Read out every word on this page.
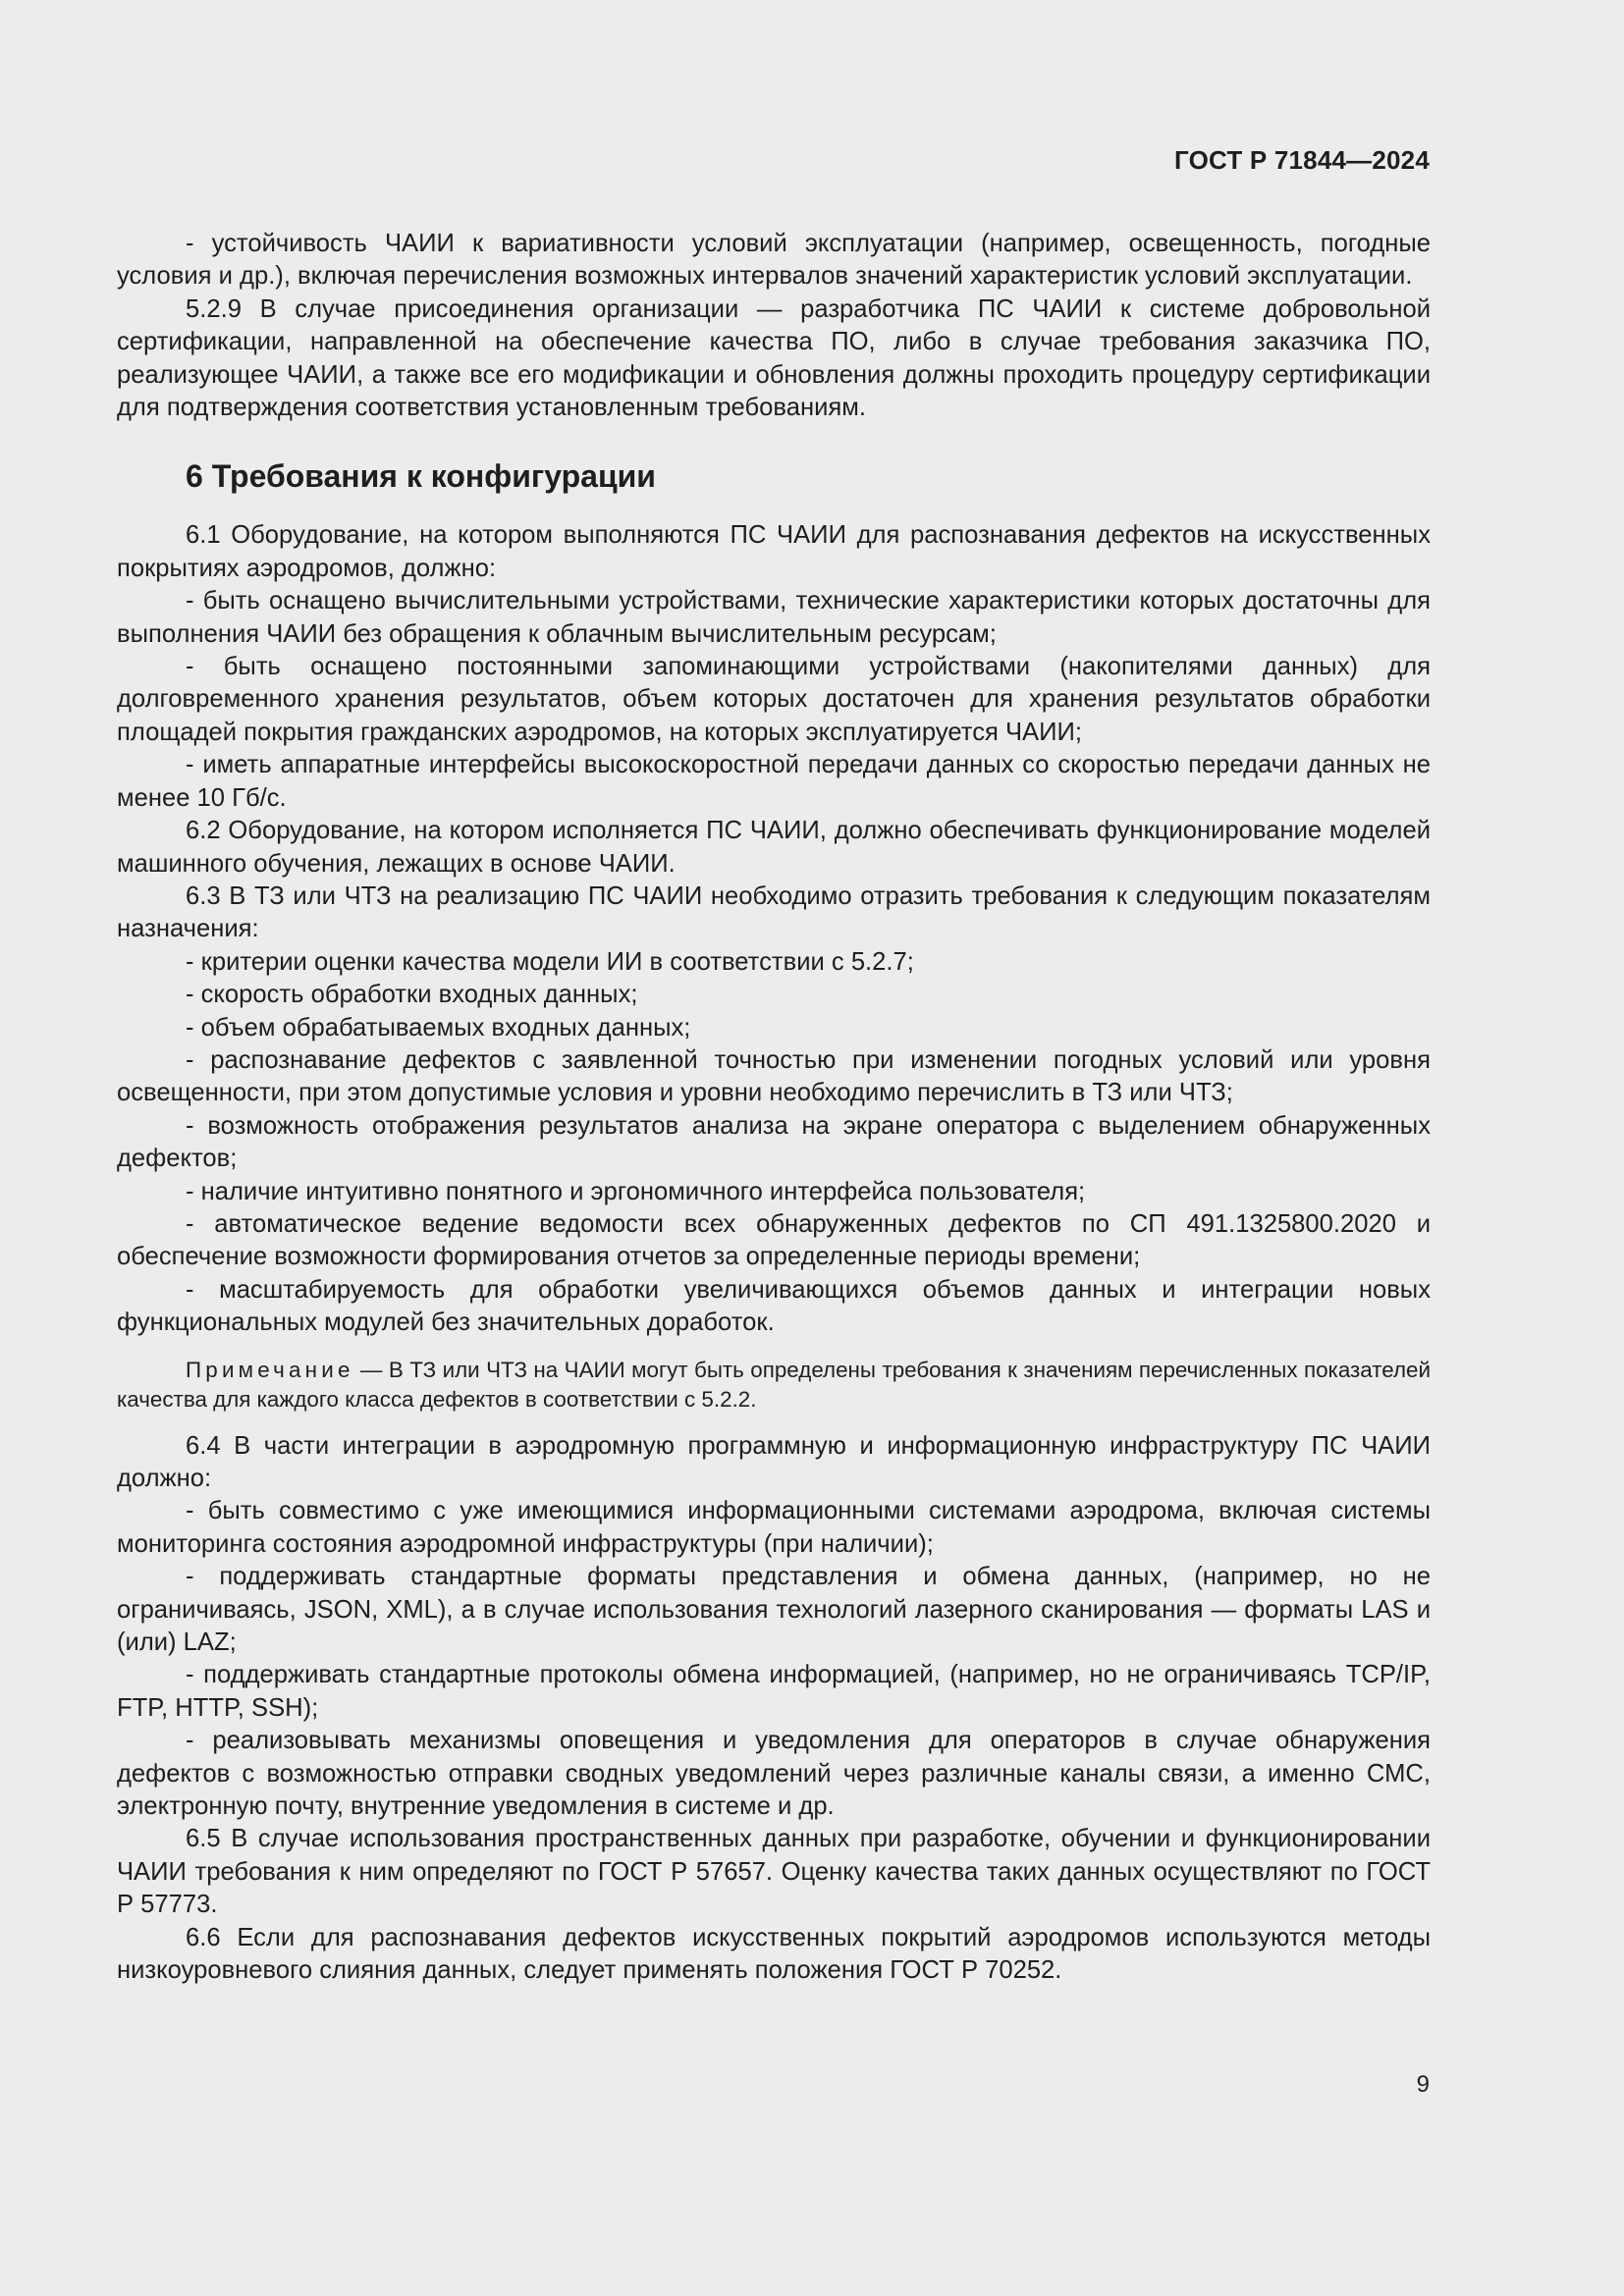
ГОСТ Р 71844—2024

- устойчивость ЧАИИ к вариативности условий эксплуатации (например, освещенность, погодные условия и др.), включая перечисления возможных интервалов значений характеристик условий эксплуатации.

5.2.9 В случае присоединения организации — разработчика ПС ЧАИИ к системе добровольной сертификации, направленной на обеспечение качества ПО, либо в случае требования заказчика ПО, реализующее ЧАИИ, а также все его модификации и обновления должны проходить процедуру сертификации для подтверждения соответствия установленным требованиям.

6 Требования к конфигурации

6.1 Оборудование, на котором выполняются ПС ЧАИИ для распознавания дефектов на искусственных покрытиях аэродромов, должно:

- быть оснащено вычислительными устройствами, технические характеристики которых достаточны для выполнения ЧАИИ без обращения к облачным вычислительным ресурсам;

- быть оснащено постоянными запоминающими устройствами (накопителями данных) для долговременного хранения результатов, объем которых достаточен для хранения результатов обработки площадей покрытия гражданских аэродромов, на которых эксплуатируется ЧАИИ;

- иметь аппаратные интерфейсы высокоскоростной передачи данных со скоростью передачи данных не менее 10 Гб/с.

6.2 Оборудование, на котором исполняется ПС ЧАИИ, должно обеспечивать функционирование моделей машинного обучения, лежащих в основе ЧАИИ.

6.3 В ТЗ или ЧТЗ на реализацию ПС ЧАИИ необходимо отразить требования к следующим показателям назначения:

- критерии оценки качества модели ИИ в соответствии с 5.2.7;

- скорость обработки входных данных;

- объем обрабатываемых входных данных;

- распознавание дефектов с заявленной точностью при изменении погодных условий или уровня освещенности, при этом допустимые условия и уровни необходимо перечислить в ТЗ или ЧТЗ;

- возможность отображения результатов анализа на экране оператора с выделением обнаруженных дефектов;

- наличие интуитивно понятного и эргономичного интерфейса пользователя;

- автоматическое ведение ведомости всех обнаруженных дефектов по СП 491.1325800.2020 и обеспечение возможности формирования отчетов за определенные периоды времени;

- масштабируемость для обработки увеличивающихся объемов данных и интеграции новых функциональных модулей без значительных доработок.

Примечание — В ТЗ или ЧТЗ на ЧАИИ могут быть определены требования к значениям перечисленных показателей качества для каждого класса дефектов в соответствии с 5.2.2.

6.4 В части интеграции в аэродромную программную и информационную инфраструктуру ПС ЧАИИ должно:

- быть совместимо с уже имеющимися информационными системами аэродрома, включая системы мониторинга состояния аэродромной инфраструктуры (при наличии);

- поддерживать стандартные форматы представления и обмена данных, (например, но не ограничиваясь, JSON, XML), а в случае использования технологий лазерного сканирования — форматы LAS и (или) LAZ;

- поддерживать стандартные протоколы обмена информацией, (например, но не ограничиваясь TCP/IP, FTP, HTTP, SSH);

- реализовывать механизмы оповещения и уведомления для операторов в случае обнаружения дефектов с возможностью отправки сводных уведомлений через различные каналы связи, а именно СМС, электронную почту, внутренние уведомления в системе и др.

6.5 В случае использования пространственных данных при разработке, обучении и функционировании ЧАИИ требования к ним определяют по ГОСТ Р 57657. Оценку качества таких данных осуществляют по ГОСТ Р 57773.

6.6 Если для распознавания дефектов искусственных покрытий аэродромов используются методы низкоуровневого слияния данных, следует применять положения ГОСТ Р 70252.

9
